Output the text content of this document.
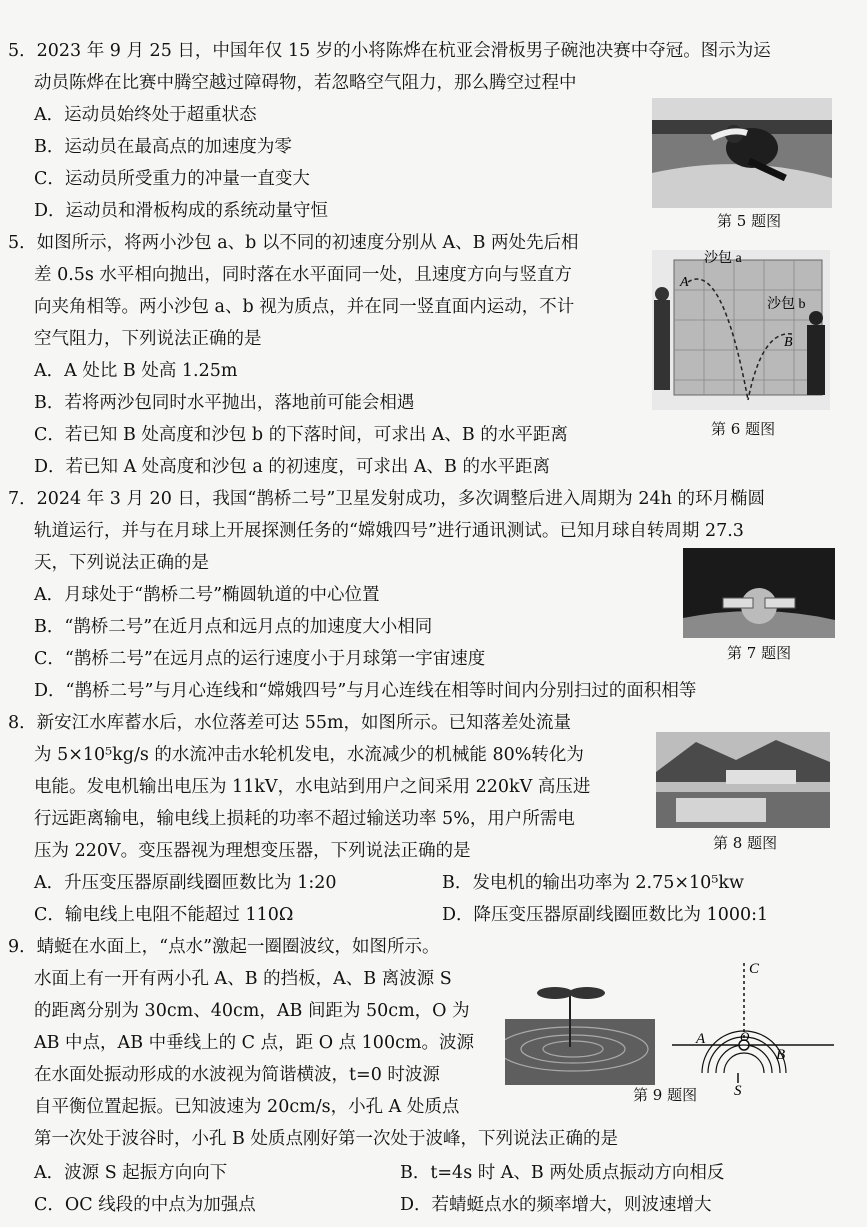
5．2023 年 9 月 25 日，中国年仅 15 岁的小将陈烨在杭亚会滑板男子碗池决赛中夺冠。图示为运
动员陈烨在比赛中腾空越过障碍物，若忽略空气阻力，那么腾空过程中
A．运动员始终处于超重状态
B．运动员在最高点的加速度为零
C．运动员所受重力的冲量一直变大
D．运动员和滑板构成的系统动量守恒	第 5 题图
5．如图所示，将两小沙包 a、b 以不同的初速度分别从 A、B 两处先后相
差 0.5s 水平相向抛出，同时落在水平面同一处，且速度方向与竖直方
向夹角相等。两小沙包 a、b 视为质点，并在同一竖直面内运动，不计
空气阻力，下列说法正确的是
A．A 处比 B 处高 1.25m
B．若将两沙包同时水平抛出，落地前可能会相遇
C．若已知 B 处高度和沙包 b 的下落时间，可求出 A、B 的水平距离
D．若已知 A 处高度和沙包 a 的初速度，可求出 A、B 的水平距离
沙包 a
A
沙包 b
B
第 6 题图
7．2024 年 3 月 20 日，我国“鹊桥二号”卫星发射成功，多次调整后进入周期为 24h 的环月椭圆
轨道运行，并与在月球上开展探测任务的“嫦娥四号”进行通讯测试。已知月球自转周期 27.3
天，下列说法正确的是
A．月球处于“鹊桥二号”椭圆轨道的中心位置
B．“鹊桥二号”在近月点和远月点的加速度大小相同
C．“鹊桥二号”在远月点的运行速度小于月球第一宇宙速度
D．“鹊桥二号”与月心连线和“嫦娥四号”与月心连线在相等时间内分别扫过的面积相等
第 7 题图
8．新安江水库蓄水后，水位落差可达 55m，如图所示。已知落差处流量
为 5×10⁵kg/s 的水流冲击水轮机发电，水流减少的机械能 80%转化为
电能。发电机输出电压为 11kV，水电站到用户之间采用 220kV 高压进
行远距离输电，输电线上损耗的功率不超过输送功率 5%，用户所需电
压为 220V。变压器视为理想变压器，下列说法正确的是
A．升压变压器原副线圈匝数比为 1:20	B．发电机的输出功率为 2.75×10⁵kw
C．输电线上电阻不能超过 110Ω	D．降压变压器原副线圈匝数比为 1000:1
第 8 题图
9．蜻蜓在水面上，“点水”激起一圈圈波纹，如图所示。
水面上有一开有两小孔 A、B 的挡板，A、B 离波源 S
的距离分别为 30cm、40cm，AB 间距为 50cm，O 为
AB 中点，AB 中垂线上的 C 点，距 O 点 100cm。波源
在水面处振动形成的水波视为简谐横波，t=0 时波源
自平衡位置起振。已知波速为 20cm/s，小孔 A 处质点
第一次处于波谷时，小孔 B 处质点刚好第一次处于波峰，下列说法正确的是
A．波源 S 起振方向向下	B．t=4s 时 A、B 两处质点振动方向相反
C．OC 线段的中点为加强点	D．若蜻蜓点水的频率增大，则波速增大
第 9 题图
C
A	O
B
S
